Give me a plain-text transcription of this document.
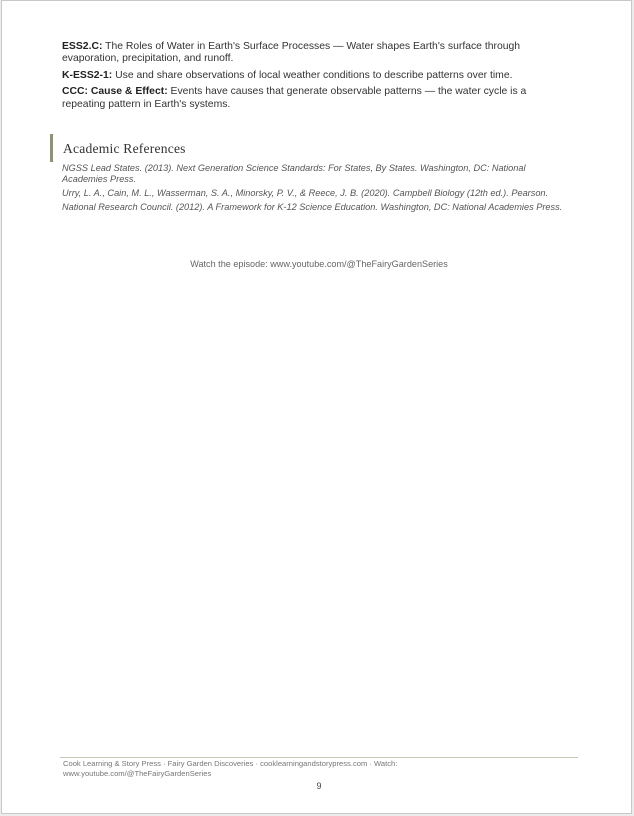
ESS2.C: The Roles of Water in Earth's Surface Processes — Water shapes Earth's surface through evaporation, precipitation, and runoff.

K-ESS2-1: Use and share observations of local weather conditions to describe patterns over time.

CCC: Cause & Effect: Events have causes that generate observable patterns — the water cycle is a repeating pattern in Earth's systems.

Academic References

NGSS Lead States. (2013). Next Generation Science Standards: For States, By States. Washington, DC: National Academies Press.

Urry, L. A., Cain, M. L., Wasserman, S. A., Minorsky, P. V., & Reece, J. B. (2020). Campbell Biology (12th ed.). Pearson.

National Research Council. (2012). A Framework for K-12 Science Education. Washington, DC: National Academies Press.

Watch the episode: www.youtube.com/@TheFairyGardenSeries
Cook Learning & Story Press · Fairy Garden Discoveries · cooklearningandstorypress.com · Watch: www.youtube.com/@TheFairyGardenSeries
9
